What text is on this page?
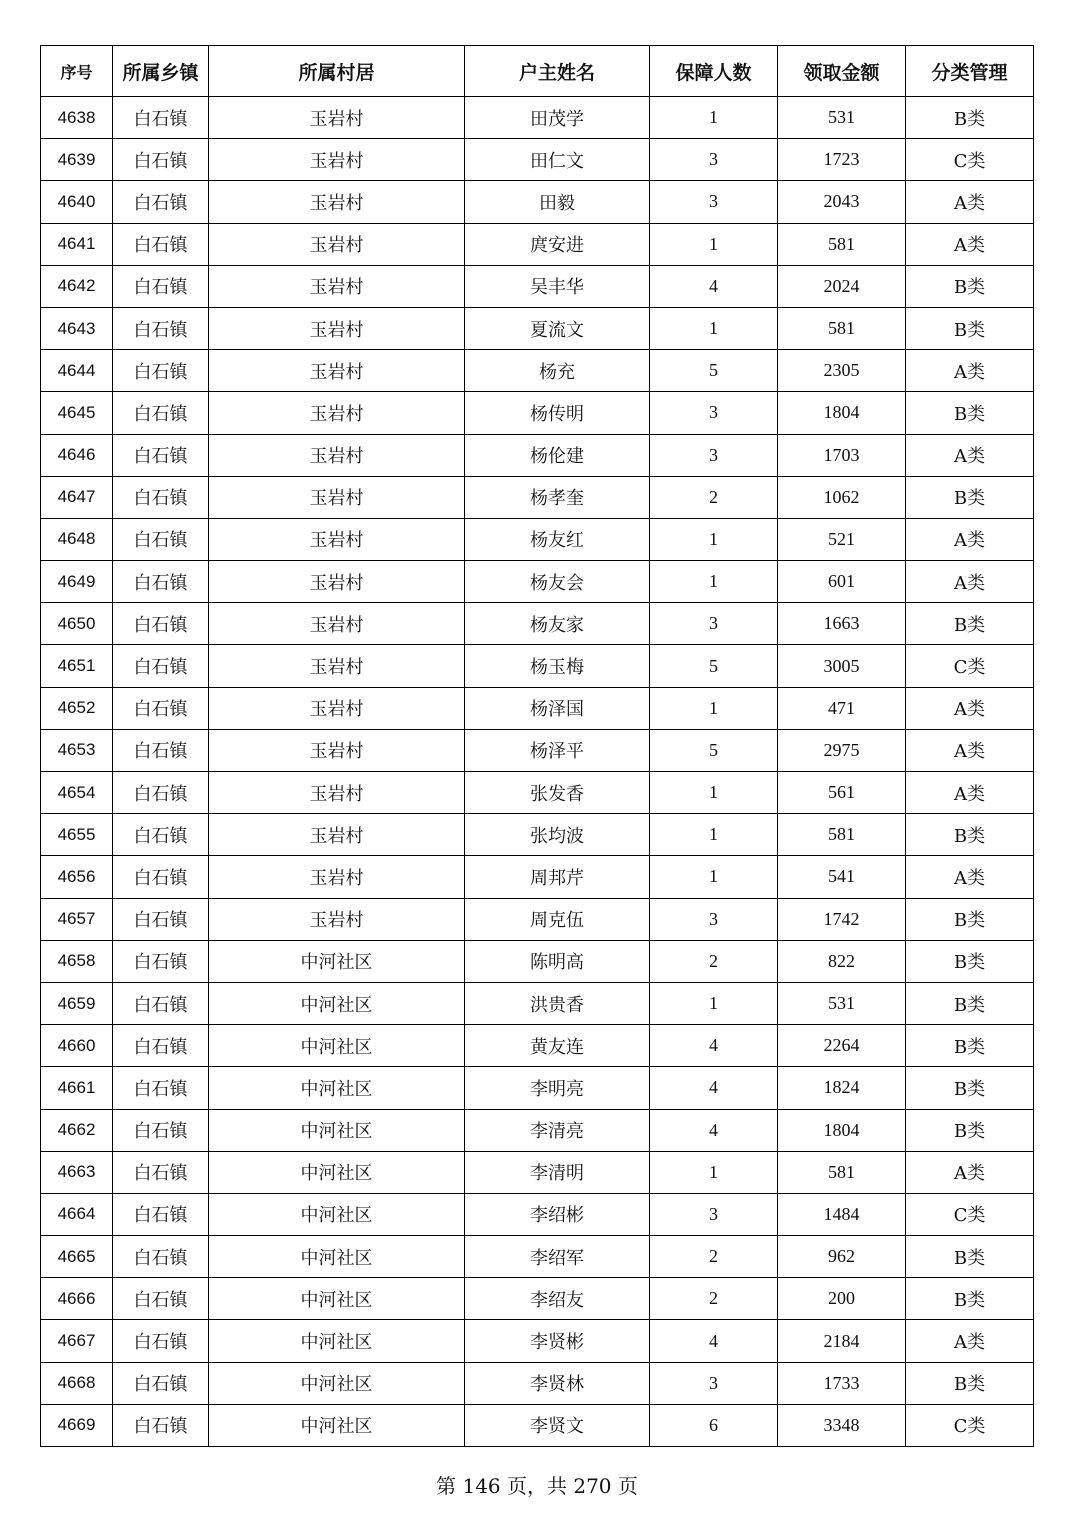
序号	所属乡镇	所属村居	户主姓名	保障人数	领取金额	分类管理
4638	白石镇	玉岩村	田茂学	1	531	B类
4639	白石镇	玉岩村	田仁文	3	1723	C类
4640	白石镇	玉岩村	田毅	3	2043	A类
4641	白石镇	玉岩村	庹安进	1	581	A类
4642	白石镇	玉岩村	吴丰华	4	2024	B类
4643	白石镇	玉岩村	夏流文	1	581	B类
4644	白石镇	玉岩村	杨充	5	2305	A类
4645	白石镇	玉岩村	杨传明	3	1804	B类
4646	白石镇	玉岩村	杨伦建	3	1703	A类
4647	白石镇	玉岩村	杨孝奎	2	1062	B类
4648	白石镇	玉岩村	杨友红	1	521	A类
4649	白石镇	玉岩村	杨友会	1	601	A类
4650	白石镇	玉岩村	杨友家	3	1663	B类
4651	白石镇	玉岩村	杨玉梅	5	3005	C类
4652	白石镇	玉岩村	杨泽国	1	471	A类
4653	白石镇	玉岩村	杨泽平	5	2975	A类
4654	白石镇	玉岩村	张发香	1	561	A类
4655	白石镇	玉岩村	张均波	1	581	B类
4656	白石镇	玉岩村	周邦芹	1	541	A类
4657	白石镇	玉岩村	周克伍	3	1742	B类
4658	白石镇	中河社区	陈明高	2	822	B类
4659	白石镇	中河社区	洪贵香	1	531	B类
4660	白石镇	中河社区	黄友连	4	2264	B类
4661	白石镇	中河社区	李明亮	4	1824	B类
4662	白石镇	中河社区	李清亮	4	1804	B类
4663	白石镇	中河社区	李清明	1	581	A类
4664	白石镇	中河社区	李绍彬	3	1484	C类
4665	白石镇	中河社区	李绍军	2	962	B类
4666	白石镇	中河社区	李绍友	2	200	B类
4667	白石镇	中河社区	李贤彬	4	2184	A类
4668	白石镇	中河社区	李贤林	3	1733	B类
4669	白石镇	中河社区	李贤文	6	3348	C类
第 146 页，共 270 页
